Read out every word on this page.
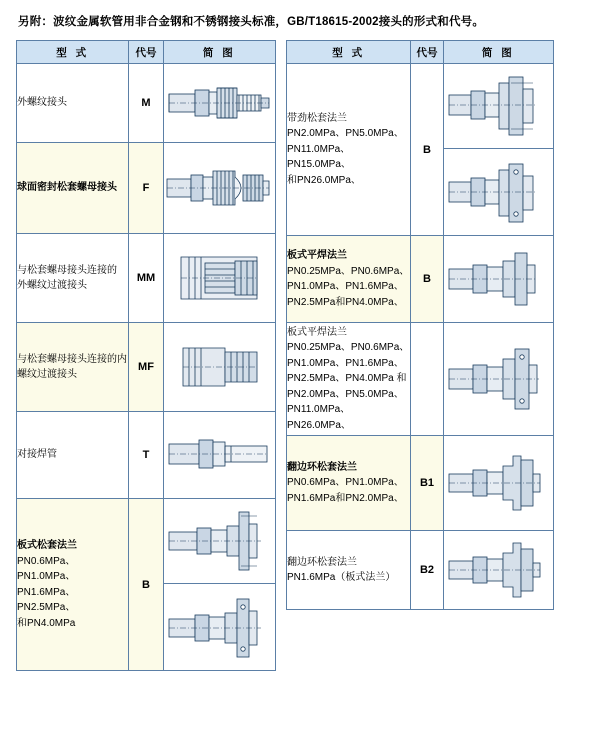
另附：波纹金属软管用非合金钢和不锈钢接头标准，GB/T18615-2002接头的形式和代号。
型 式	代号	简 图

外螺纹接头	M	

球面密封松套螺母接头	F	

与松套螺母接头连接的
外螺纹过渡接头	MM	

与松套螺母接头连接的内
螺纹过渡接头	MF	

对接焊管	T	

板式松套法兰
PN0.6MPa、PN1.0MPa、
PN1.6MPa、PN2.5MPa、
和PN4.0MPa	B	

型 式	代号	简 图

带劲松套法兰
PN2.0MPa、PN5.0MPa、
PN11.0MPa、PN15.0MPa、
和PN26.0MPa、	B	

板式平焊法兰
PN0.25MPa、PN0.6MPa、
PN1.0MPa、PN1.6MPa、
PN2.5MPa和PN4.0MPa、	B	

板式平焊法兰
PN0.25MPa、PN0.6MPa、
PN1.0MPa、PN1.6MPa、
PN2.5MPa、PN4.0MPa 和
PN2.0MPa、PN5.0MPa、
PN11.0MPa、PN26.0MPa、

翻边环松套法兰
PN0.6MPa、PN1.0MPa、
PN1.6MPa和PN2.0MPa、	B1	

翻边环松套法兰
PN1.6MPa（板式法兰）	B2	
